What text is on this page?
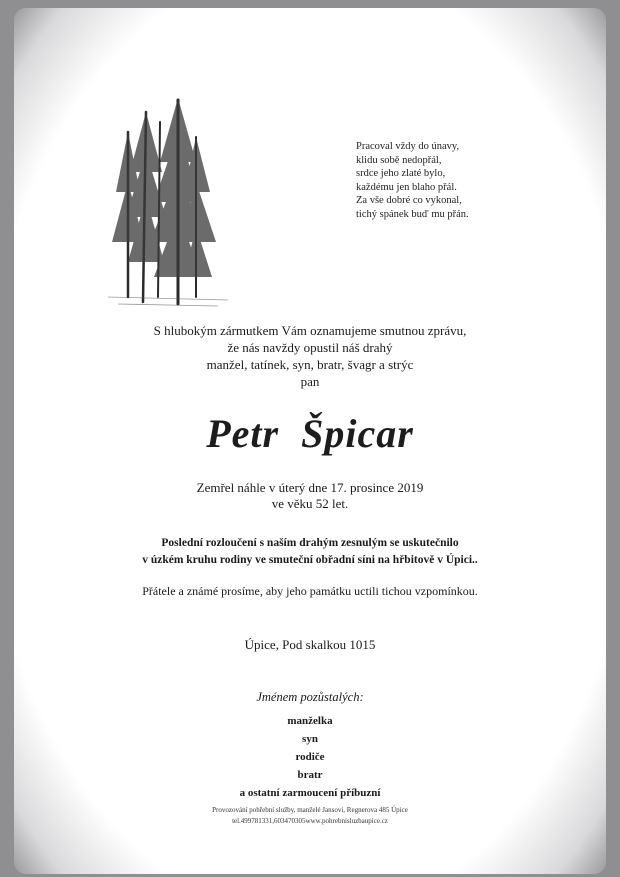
Pracoval vždy do únavy,
klidu sobě nedopřál,
srdce jeho zlaté bylo,
každému jen blaho přál.
Za vše dobré co vykonal,
tichý spánek buď mu přán.
S hlubokým zármutkem Vám oznamujeme smutnou zprávu,
že nás navždy opustil náš drahý
manžel, tatínek, syn, bratr, švagr a strýc
pan
Petr  Špicar
Zemřel náhle v úterý dne 17. prosince 2019
ve věku 52 let.
Poslední rozloučení s naším drahým zesnulým se uskutečnilo
v úzkém kruhu rodiny ve smuteční obřadní síni na hřbitově v Úpici..
Přátele a známé prosíme, aby jeho památku uctili tichou vzpomínkou.
Úpice, Pod skalkou 1015
Jménem pozůstalých:
manželka
syn
rodiče
bratr
a ostatní zarmoucení příbuzní
Provozování pohřební služby, manželé Jansovi, Regnerova 485 Úpice
tel.499781331,603470305www.pohrebnisluzbaupice.cz
